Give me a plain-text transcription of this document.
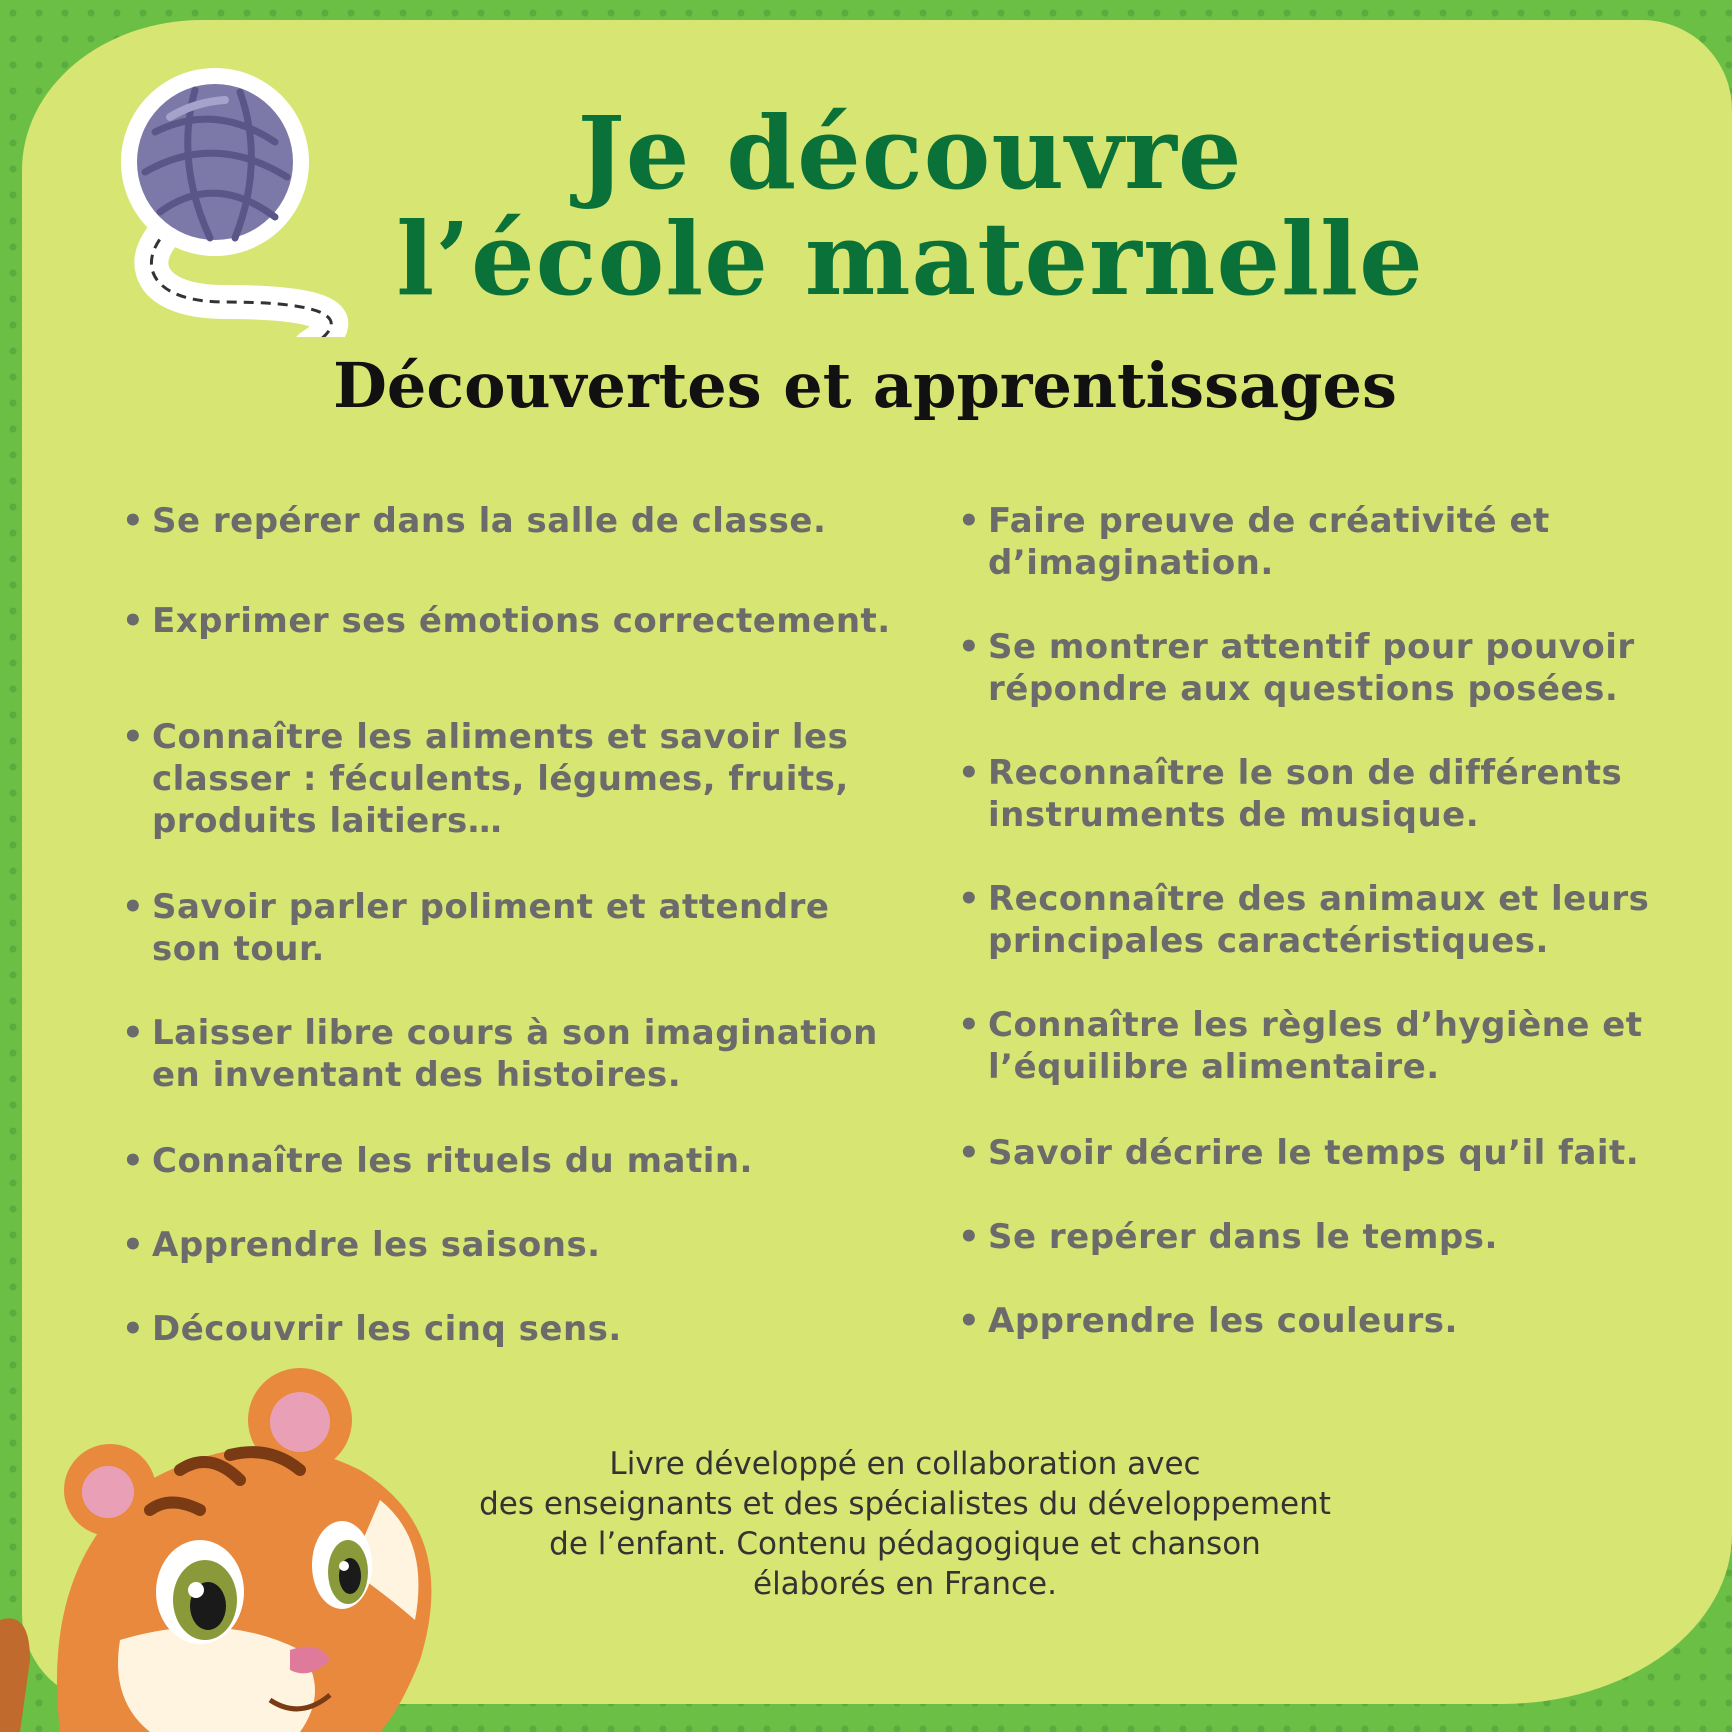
Je découvre
l’école maternelle
Découvertes et apprentissages
• Se repérer dans la salle de classe.
• Exprimer ses émotions correctement.
• Connaître les aliments et savoir les classer : féculents, légumes, fruits, produits laitiers…
• Savoir parler poliment et attendre son tour.
• Laisser libre cours à son imagination en inventant des histoires.
• Connaître les rituels du matin.
• Apprendre les saisons.
• Découvrir les cinq sens.
• Faire preuve de créativité et d’imagination.
• Se montrer attentif pour pouvoir répondre aux questions posées.
• Reconnaître le son de différents instruments de musique.
• Reconnaître des animaux et leurs principales caractéristiques.
• Connaître les règles d’hygiène et l’équilibre alimentaire.
• Savoir décrire le temps qu’il fait.
• Se repérer dans le temps.
• Apprendre les couleurs.

Livre développé en collaboration avec
des enseignants et des spécialistes du développement
de l’enfant. Contenu pédagogique et chanson
élaborés en France.
